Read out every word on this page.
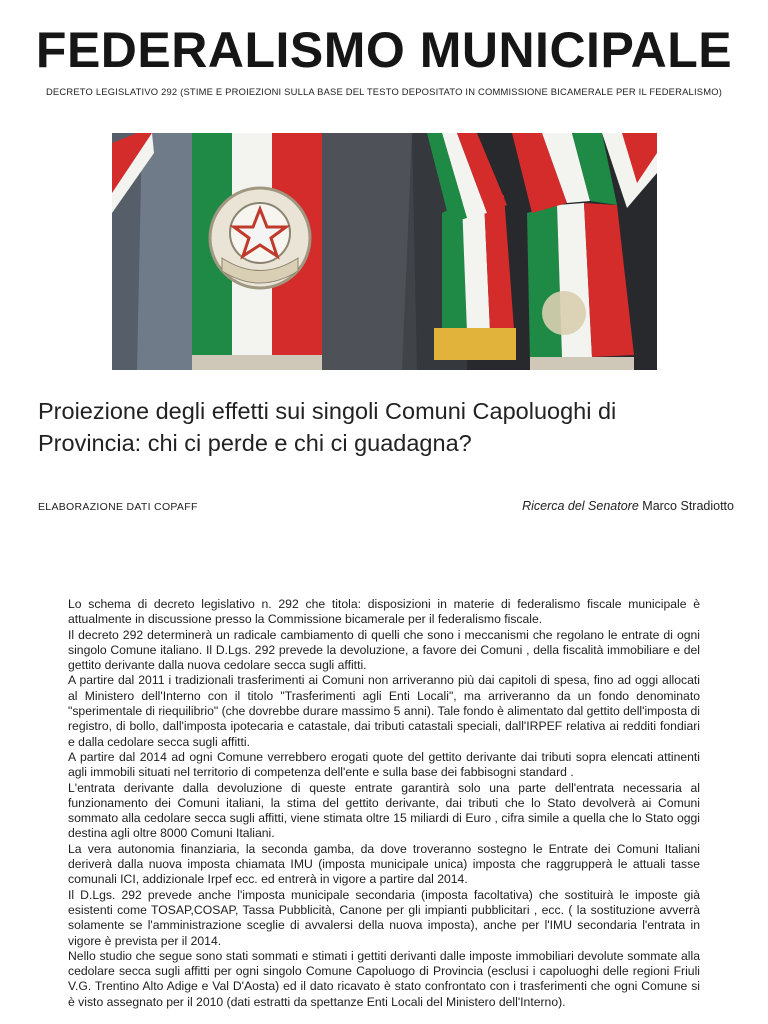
FEDERALISMO MUNICIPALE
DECRETO LEGISLATIVO 292 (STIME E PROIEZIONI SULLA BASE DEL TESTO DEPOSITATO IN COMMISSIONE BICAMERALE PER IL FEDERALISMO)
Proiezione degli effetti sui singoli Comuni Capoluoghi di Provincia: chi ci perde e chi ci guadagna?
ELABORAZIONE DATI COPAFF	Ricerca del Senatore Marco Stradiotto

Lo schema di decreto legislativo n. 292 che titola: disposizioni in materie di federalismo fiscale municipale è attualmente in discussione presso la Commissione bicamerale per il federalismo fiscale.

Il decreto 292 determinerà un radicale cambiamento di quelli che sono i meccanismi che regolano le entrate di ogni singolo Comune italiano. Il D.Lgs. 292 prevede la devoluzione, a favore dei Comuni , della fiscalità immobiliare e del gettito derivante dalla nuova cedolare secca sugli affitti.

A partire dal 2011 i tradizionali trasferimenti ai Comuni non arriveranno più dai capitoli di spesa, fino ad oggi allocati al Ministero dell'Interno con il titolo "Trasferimenti agli Enti Locali", ma arriveranno da un fondo denominato "sperimentale di riequilibrio" (che dovrebbe durare massimo 5 anni). Tale fondo è alimentato dal gettito dell'imposta di registro, di bollo, dall'imposta ipotecaria e catastale, dai tributi catastali speciali, dall'IRPEF relativa ai redditi fondiari e dalla cedolare secca sugli affitti.

A partire dal 2014 ad ogni Comune verrebbero erogati quote del gettito derivante dai tributi sopra elencati attinenti agli immobili situati nel territorio di competenza dell'ente e sulla base dei fabbisogni standard .

L'entrata derivante dalla devoluzione di queste entrate garantirà solo una parte dell'entrata necessaria al funzionamento dei Comuni italiani, la stima del gettito derivante, dai tributi che lo Stato devolverà ai Comuni sommato alla cedolare secca sugli affitti, viene stimata oltre 15 miliardi di Euro , cifra simile a quella che lo Stato oggi destina agli oltre 8000 Comuni Italiani.

La vera autonomia finanziaria, la seconda gamba, da dove troveranno sostegno le Entrate dei Comuni Italiani deriverà dalla nuova imposta chiamata IMU (imposta municipale unica) imposta che raggrupperà le attuali tasse comunali ICI, addizionale Irpef ecc. ed entrerà in vigore a partire dal 2014.

Il D.Lgs. 292 prevede anche l'imposta municipale secondaria (imposta facoltativa) che sostituirà le imposte già esistenti come TOSAP,COSAP, Tassa Pubblicità, Canone per gli impianti pubblicitari , ecc. ( la sostituzione avverrà solamente se l'amministrazione sceglie di avvalersi della nuova imposta), anche per l'IMU secondaria l'entrata in vigore è prevista per il 2014.

Nello studio che segue sono stati sommati e stimati i gettiti derivanti dalle imposte immobiliari devolute sommate alla cedolare secca sugli affitti per ogni singolo Comune Capoluogo di Provincia (esclusi i capoluoghi delle regioni Friuli V.G. Trentino Alto Adige e Val D'Aosta) ed il dato ricavato è stato confrontato con i trasferimenti che ogni Comune si è visto assegnato per il 2010 (dati estratti da spettanze Enti Locali del Ministero dell'Interno).
